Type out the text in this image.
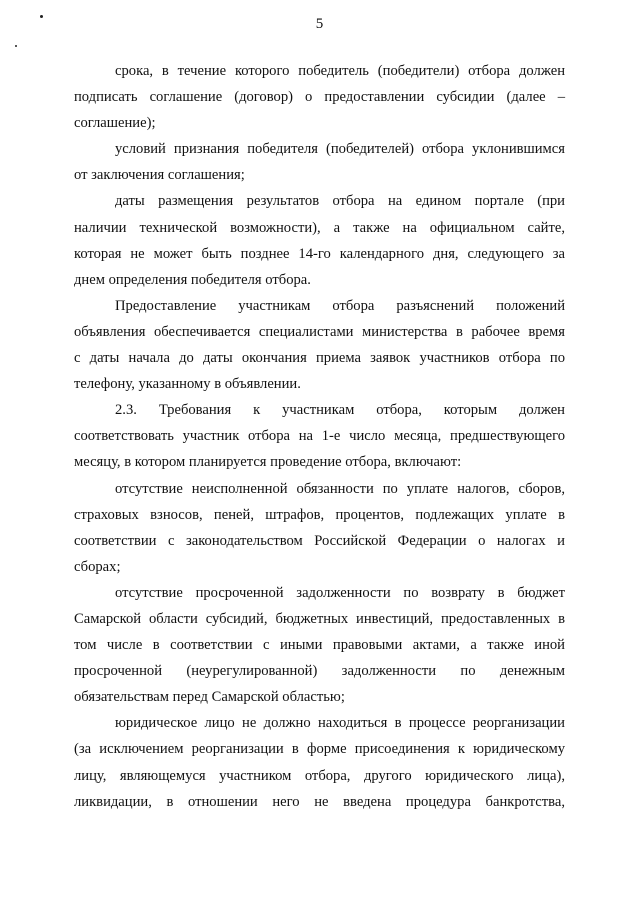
5

срока, в течение которого победитель (победители) отбора должен
подписать соглашение (договор) о предоставлении субсидии (далее –
соглашение);

условий признания победителя (победителей) отбора уклонившимся
от заключения соглашения;

даты размещения результатов отбора на едином портале (при
наличии технической возможности), а также на официальном сайте,
которая не может быть позднее 14-го календарного дня, следующего за
днем определения победителя отбора.

Предоставление участникам отбора разъяснений положений
объявления обеспечивается специалистами министерства в рабочее время
с даты начала до даты окончания приема заявок участников отбора по
телефону, указанному в объявлении.

2.3. Требования к участникам отбора, которым должен
соответствовать участник отбора на 1-е число месяца, предшествующего
месяцу, в котором планируется проведение отбора, включают:

отсутствие неисполненной обязанности по уплате налогов, сборов,
страховых взносов, пеней, штрафов, процентов, подлежащих уплате в
соответствии с законодательством Российской Федерации о налогах и
сборах;

отсутствие просроченной задолженности по возврату в бюджет
Самарской области субсидий, бюджетных инвестиций, предоставленных в
том числе в соответствии с иными правовыми актами, а также иной
просроченной (неурегулированной) задолженности по денежным
обязательствам перед Самарской областью;

юридическое лицо не должно находиться в процессе реорганизации
(за исключением реорганизации в форме присоединения к юридическому
лицу, являющемуся участником отбора, другого юридического лица),
ликвидации, в отношении него не введена процедура банкротства,
